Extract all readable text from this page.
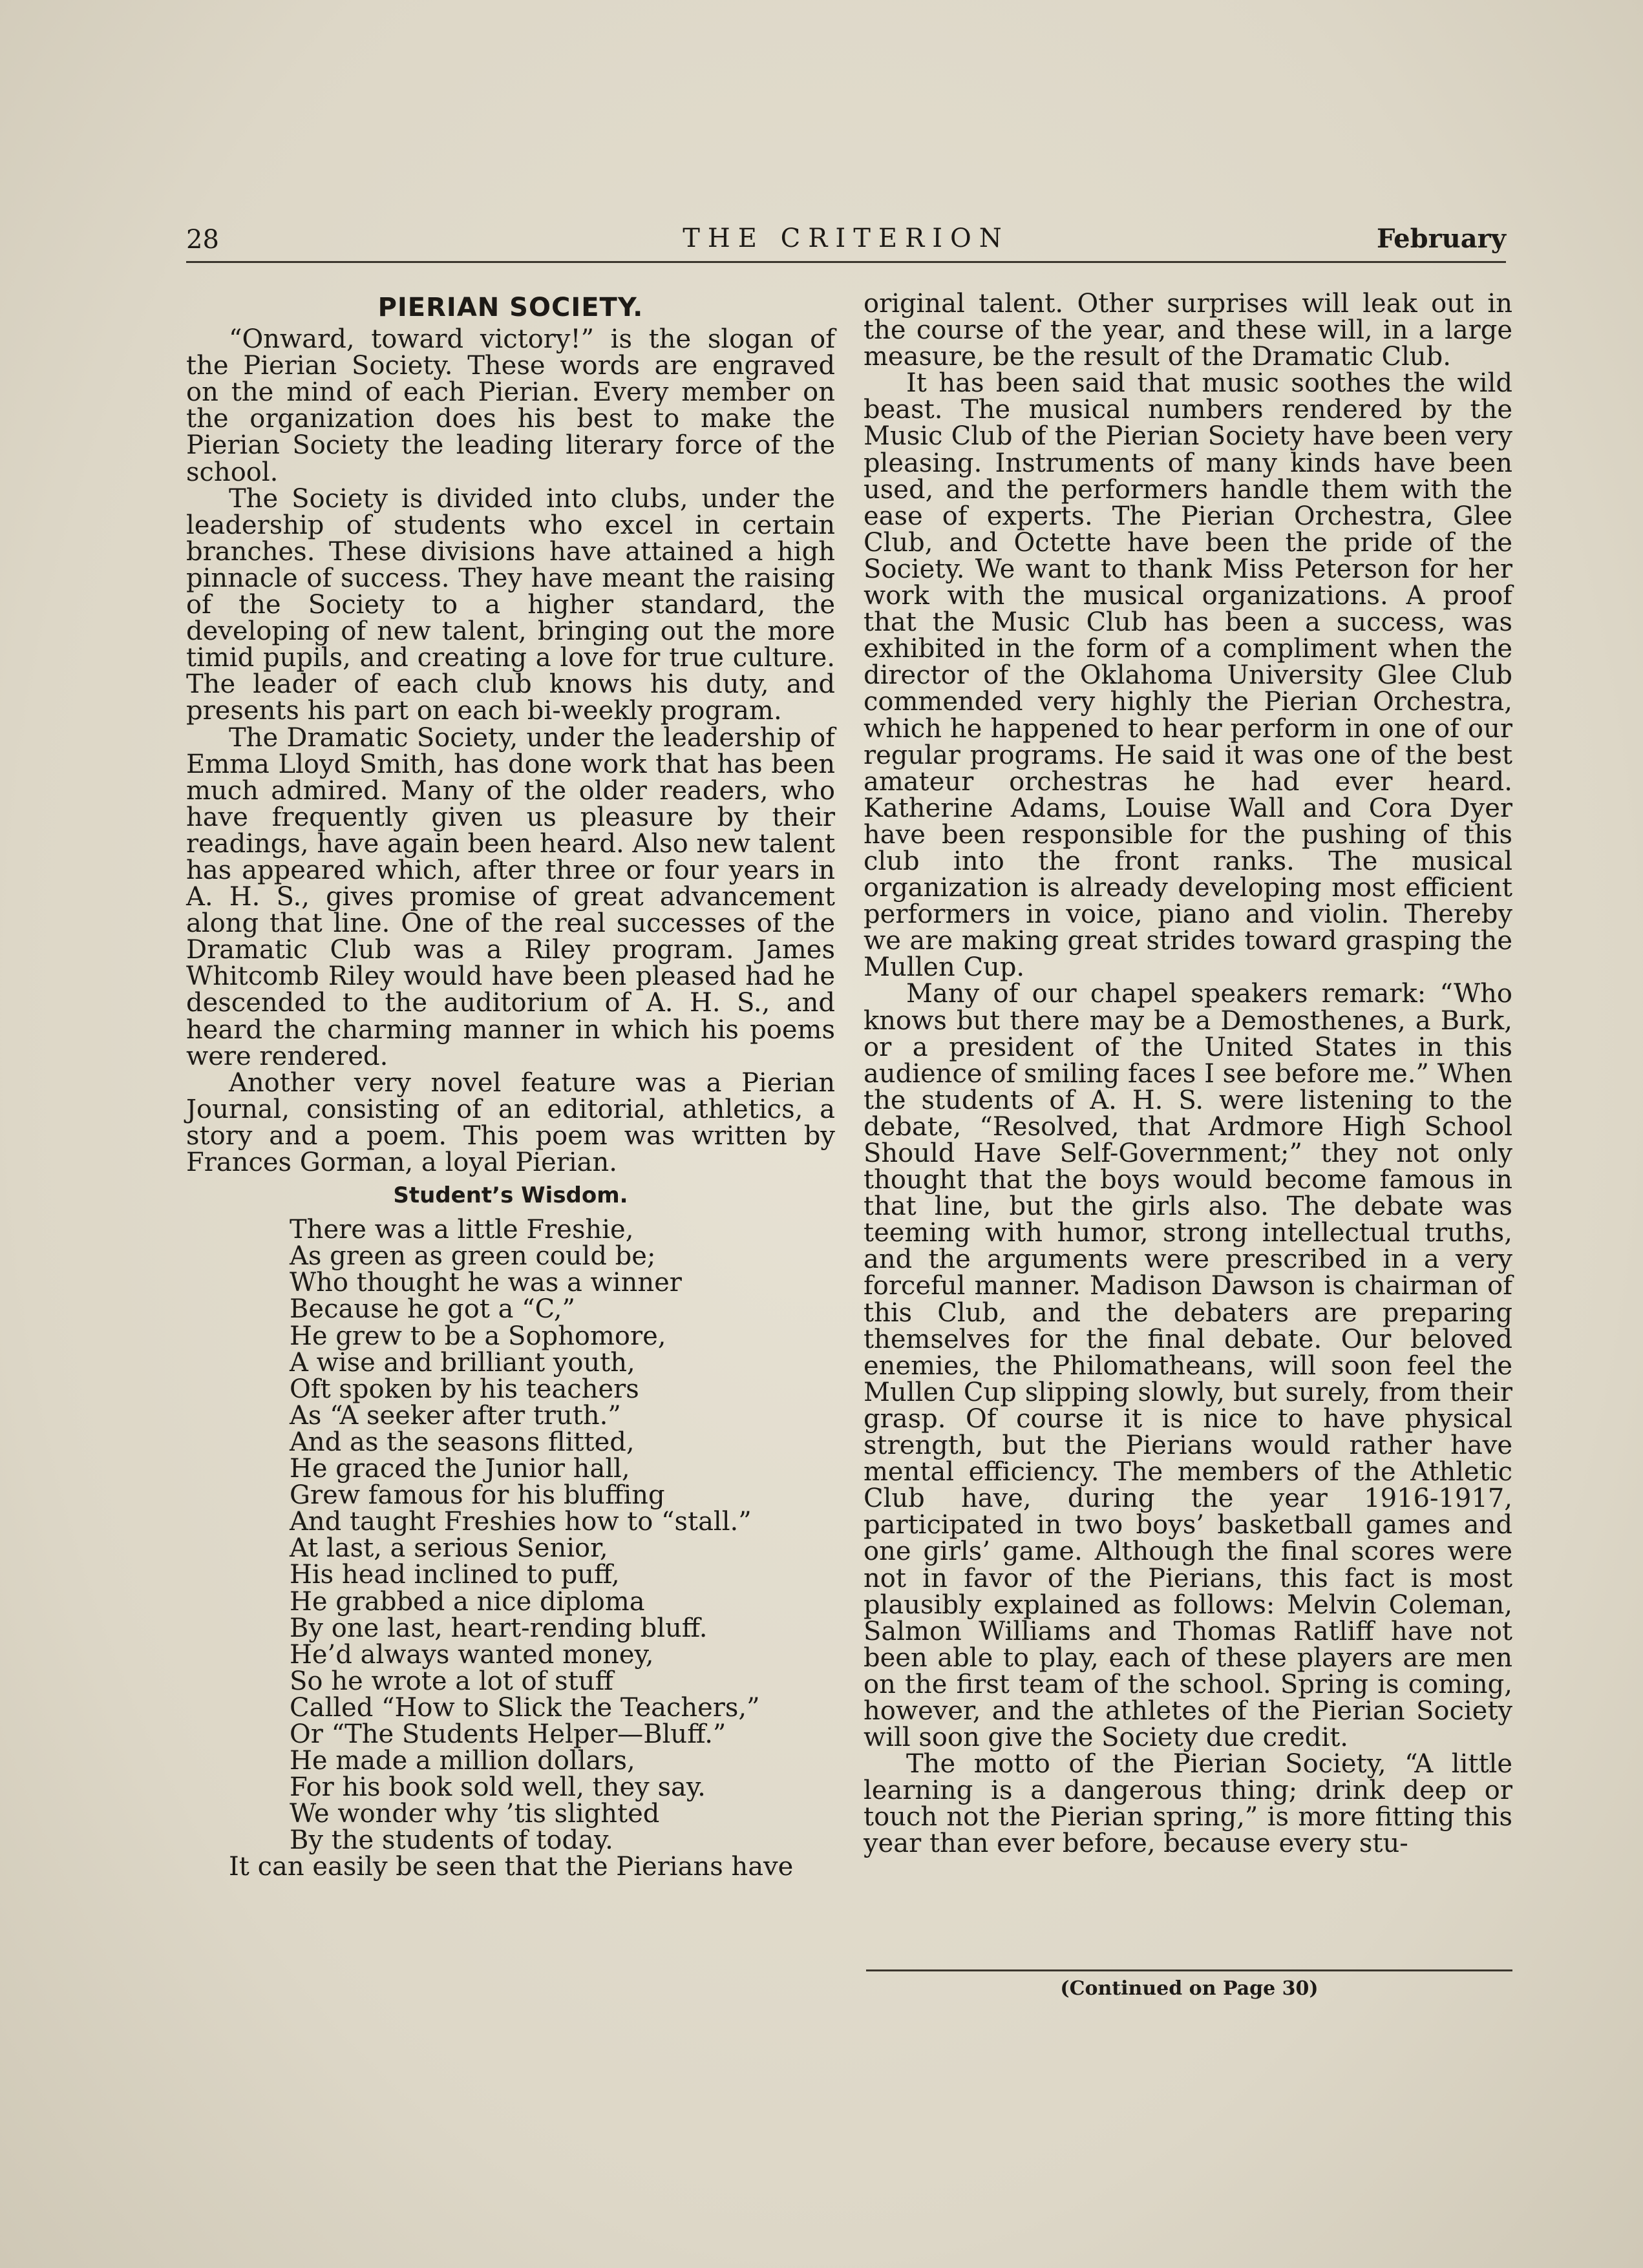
28	THE CRITERION	February
PIERIAN SOCIETY.

“Onward, toward victory!” is the slogan of the Pierian Society. These words are engraved on the mind of each Pierian. Every member on the organization does his best to make the Pierian Society the leading literary force of the school.

The Society is divided into clubs, under the leadership of students who excel in certain branches. These divisions have attained a high pinnacle of success. They have meant the raising of the Society to a higher standard, the developing of new talent, bringing out the more timid pupils, and creating a love for true culture. The leader of each club knows his duty, and presents his part on each bi-weekly program.

The Dramatic Society, under the leadership of Emma Lloyd Smith, has done work that has been much admired. Many of the older readers, who have frequently given us pleasure by their readings, have again been heard. Also new talent has appeared which, after three or four years in A. H. S., gives promise of great advancement along that line. One of the real successes of the Dramatic Club was a Riley program. James Whitcomb Riley would have been pleased had he descended to the auditorium of A. H. S., and heard the charming manner in which his poems were rendered.

Another very novel feature was a Pierian Journal, consisting of an editorial, athletics, a story and a poem. This poem was written by Frances Gorman, a loyal Pierian.

Student’s Wisdom.
There was a little Freshie,
As green as green could be;
Who thought he was a winner
Because he got a “C,”
He grew to be a Sophomore,
A wise and brilliant youth,
Oft spoken by his teachers
As “A seeker after truth.”
And as the seasons flitted,
He graced the Junior hall,
Grew famous for his bluffing
And taught Freshies how to “stall.”
At last, a serious Senior,
His head inclined to puff,
He grabbed a nice diploma
By one last, heart-rending bluff.
He’d always wanted money,
So he wrote a lot of stuff
Called “How to Slick the Teachers,”
Or “The Students Helper—Bluff.”
He made a million dollars,
For his book sold well, they say.
We wonder why ’tis slighted
By the students of today.

It can easily be seen that the Pierians have

original talent. Other surprises will leak out in the course of the year, and these will, in a large measure, be the result of the Dramatic Club.

It has been said that music soothes the wild beast. The musical numbers rendered by the Music Club of the Pierian Society have been very pleasing. Instruments of many kinds have been used, and the performers handle them with the ease of experts. The Pierian Orchestra, Glee Club, and Octette have been the pride of the Society. We want to thank Miss Peterson for her work with the musical organizations. A proof that the Music Club has been a success, was exhibited in the form of a compliment when the director of the Oklahoma University Glee Club commended very highly the Pierian Orchestra, which he happened to hear perform in one of our regular programs. He said it was one of the best amateur orchestras he had ever heard. Katherine Adams, Louise Wall and Cora Dyer have been responsible for the pushing of this club into the front ranks. The musical organization is already developing most efficient performers in voice, piano and violin. Thereby we are making great strides toward grasping the Mullen Cup.

Many of our chapel speakers remark: “Who knows but there may be a Demosthenes, a Burk, or a president of the United States in this audience of smiling faces I see before me.” When the students of A. H. S. were listening to the debate, “Resolved, that Ardmore High School Should Have Self-Government;” they not only thought that the boys would become famous in that line, but the girls also. The debate was teeming with humor, strong intellectual truths, and the arguments were prescribed in a very forceful manner. Madison Dawson is chairman of this Club, and the debaters are preparing themselves for the final debate. Our beloved enemies, the Philomatheans, will soon feel the Mullen Cup slipping slowly, but surely, from their grasp. Of course it is nice to have physical strength, but the Pierians would rather have mental efficiency. The members of the Athletic Club have, during the year 1916-1917, participated in two boys’ basketball games and one girls’ game. Although the final scores were not in favor of the Pierians, this fact is most plausibly explained as follows: Melvin Coleman, Salmon Williams and Thomas Ratliff have not been able to play, each of these players are men on the first team of the school. Spring is coming, however, and the athletes of the Pierian Society will soon give the Society due credit.

The motto of the Pierian Society, “A little learning is a dangerous thing; drink deep or touch not the Pierian spring,” is more fitting this year than ever before, because every stu-

(Continued on Page 30)
